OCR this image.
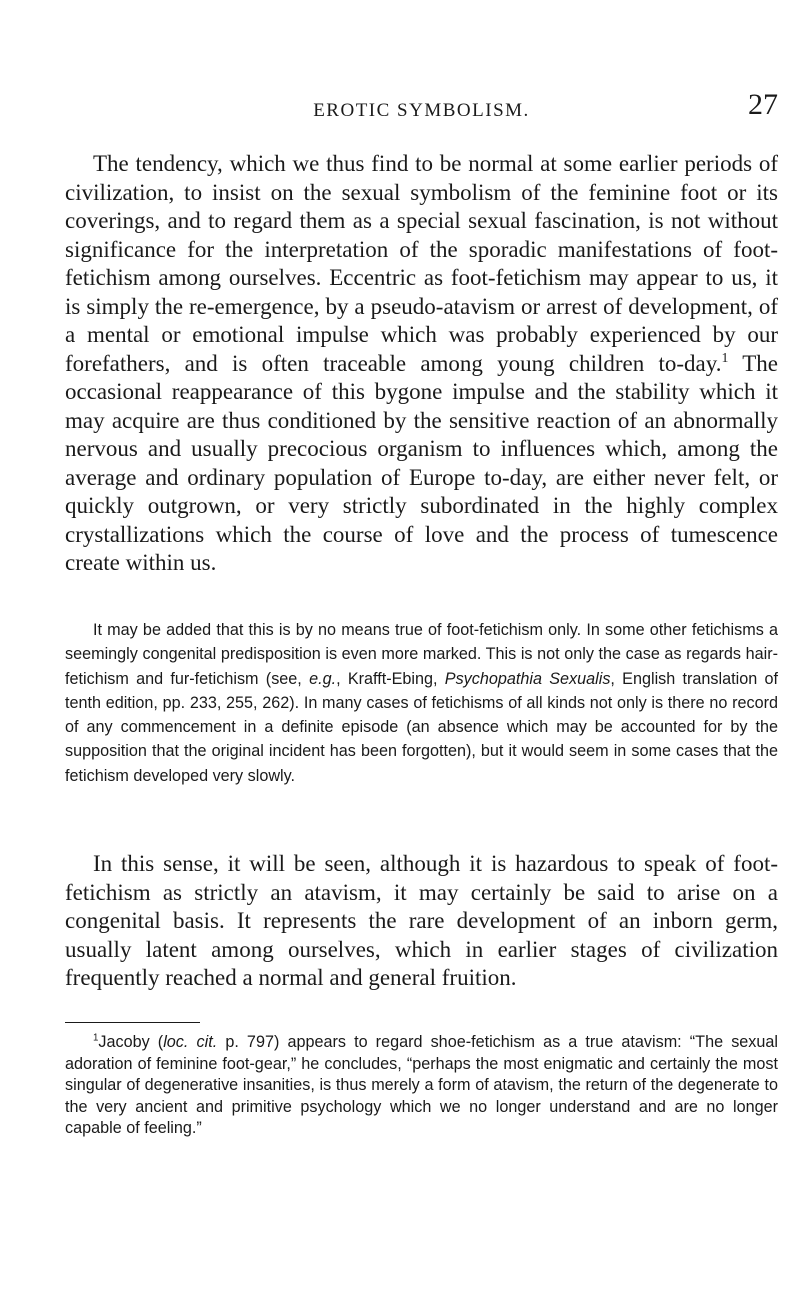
EROTIC SYMBOLISM.	27

The tendency, which we thus find to be normal at some earlier periods of civilization, to insist on the sexual symbolism of the feminine foot or its coverings, and to regard them as a special sexual fascination, is not without significance for the interpretation of the sporadic manifestations of foot-fetichism among ourselves. Eccentric as foot-fetichism may appear to us, it is simply the re-emergence, by a pseudo-atavism or arrest of development, of a mental or emotional impulse which was probably experienced by our forefathers, and is often traceable among young children to-day.$^1$ The occasional reappearance of this bygone impulse and the stability which it may acquire are thus conditioned by the sensitive reaction of an abnormally nervous and usually precocious organism to influences which, among the average and ordinary population of Europe to-day, are either never felt, or quickly outgrown, or very strictly subordinated in the highly complex crystallizations which the course of love and the process of tumescence create within us.

It may be added that this is by no means true of foot-fetichism only. In some other fetichisms a seemingly congenital predisposition is even more marked. This is not only the case as regards hair-fetichism and fur-fetichism (see, e.g., Krafft-Ebing, Psychopathia Sexualis, English translation of tenth edition, pp. 233, 255, 262). In many cases of fetichisms of all kinds not only is there no record of any commencement in a definite episode (an absence which may be accounted for by the supposition that the original incident has been forgotten), but it would seem in some cases that the fetichism developed very slowly.

In this sense, it will be seen, although it is hazardous to speak of foot-fetichism as strictly an atavism, it may certainly be said to arise on a congenital basis. It represents the rare development of an inborn germ, usually latent among ourselves, which in earlier stages of civilization frequently reached a normal and general fruition.

$^1$Jacoby (loc. cit. p. 797) appears to regard shoe-fetichism as a true atavism: “The sexual adoration of feminine foot-gear,” he concludes, “perhaps the most enigmatic and certainly the most singular of degenerative insanities, is thus merely a form of atavism, the return of the degenerate to the very ancient and primitive psychology which we no longer understand and are no longer capable of feeling.”
